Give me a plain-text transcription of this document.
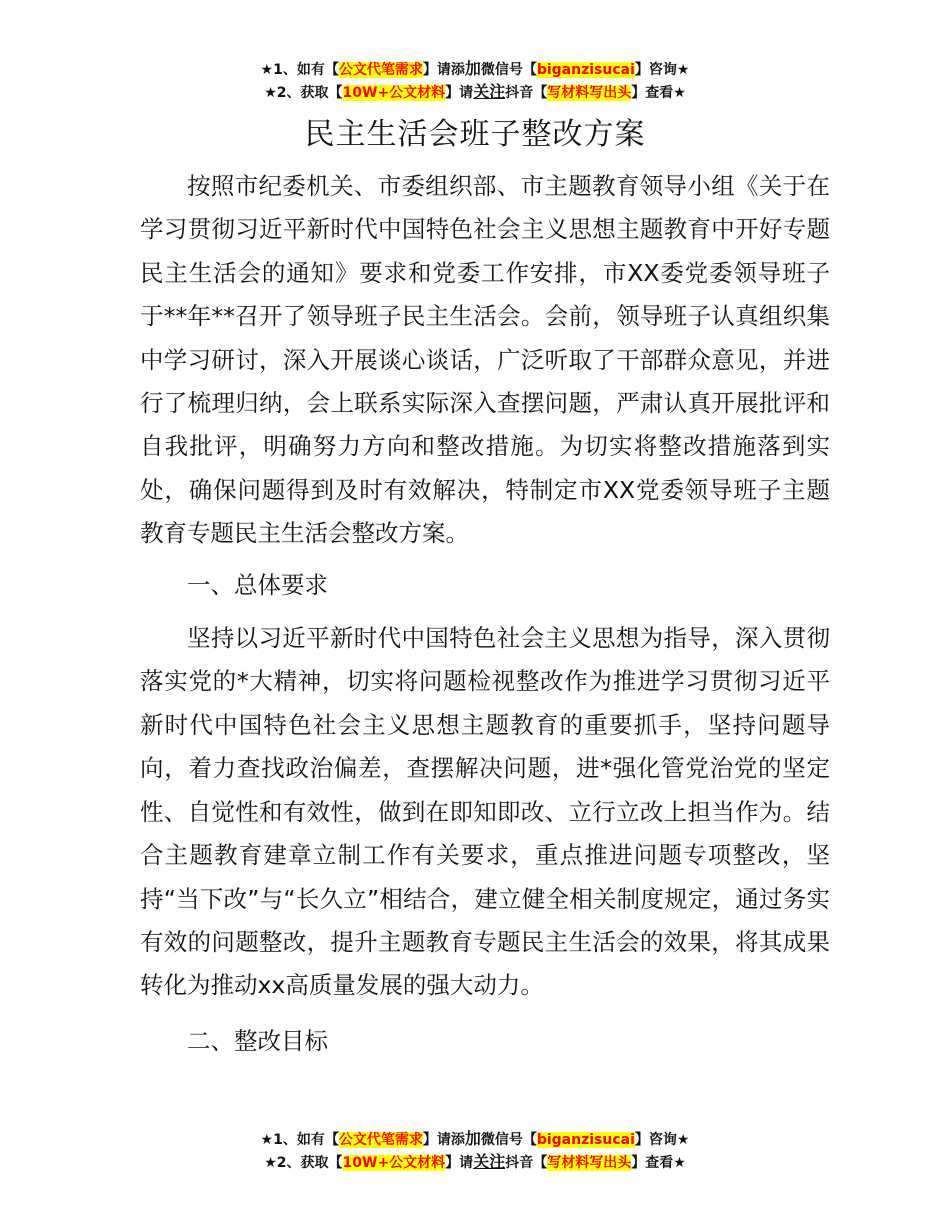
★1、如有【公文代笔需求】请添加微信号【biganzisucai】咨询★
★2、获取【10W+公文材料】请关注抖音【写材料写出头】查看★
民主生活会班子整改方案

按照市纪委机关、市委组织部、市主题教育领导小组《关于在学习贯彻习近平新时代中国特色社会主义思想主题教育中开好专题民主生活会的通知》要求和党委工作安排，市XX委党委领导班子于**年**召开了领导班子民主生活会。会前，领导班子认真组织集中学习研讨，深入开展谈心谈话，广泛听取了干部群众意见，并进行了梳理归纳，会上联系实际深入查摆问题，严肃认真开展批评和自我批评，明确努力方向和整改措施。为切实将整改措施落到实处，确保问题得到及时有效解决，特制定市XX党委领导班子主题教育专题民主生活会整改方案。

一、总体要求

坚持以习近平新时代中国特色社会主义思想为指导，深入贯彻落实党的*大精神，切实将问题检视整改作为推进学习贯彻习近平新时代中国特色社会主义思想主题教育的重要抓手，坚持问题导向，着力查找政治偏差，查摆解决问题，进*强化管党治党的坚定性、自觉性和有效性，做到在即知即改、立行立改上担当作为。结合主题教育建章立制工作有关要求，重点推进问题专项整改，坚持“当下改”与“长久立”相结合，建立健全相关制度规定，通过务实有效的问题整改，提升主题教育专题民主生活会的效果，将其成果转化为推动xx高质量发展的强大动力。

二、整改目标

★1、如有【公文代笔需求】请添加微信号【biganzisucai】咨询★
★2、获取【10W+公文材料】请关注抖音【写材料写出头】查看★
